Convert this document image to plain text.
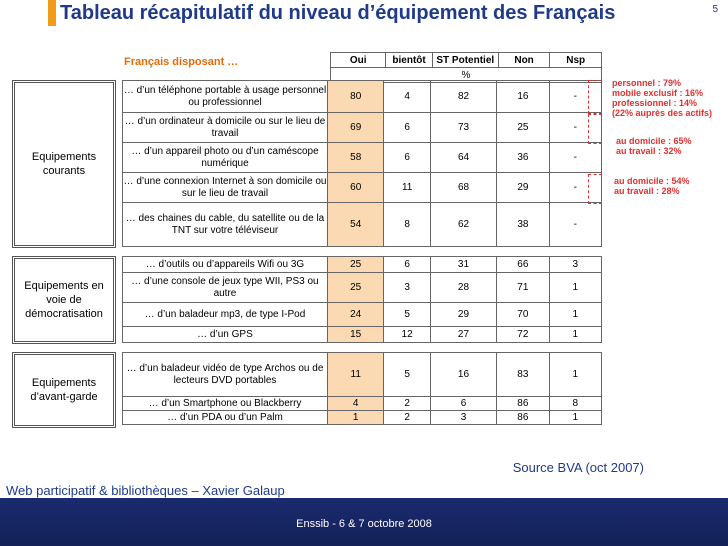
Tableau récapitulatif du niveau d’équipement des Français	5
Français disposant …	Oui	bientôt	ST Potentiel	Non	Nsp
%
Equipements courants
Equipements en voie de démocratisation
Equipements d’avant-garde
… d’un téléphone portable à usage personnel ou professionnel	80	4	82	16	-
… d’un ordinateur à domicile ou sur le lieu de travail	69	6	73	25	-
… d’un appareil photo ou d’un caméscope numérique	58	6	64	36	-
… d’une connexion Internet à son domicile ou sur le lieu de travail	60	11	68	29	-
… des chaines du cable, du satellite ou de la TNT sur votre téléviseur	54	8	62	38	-
… d’outils ou d’appareils Wifi ou 3G	25	6	31	66	3
… d’une console de jeux type WII, PS3 ou autre	25	3	28	71	1
… d’un baladeur mp3, de type I-Pod	24	5	29	70	1
… d’un GPS	15	12	27	72	1
… d’un baladeur vidéo de type Archos ou de lecteurs DVD portables	11	5	16	83	1
… d’un Smartphone ou Blackberry	4	2	6	86	8
… d’un PDA ou d’un Palm	1	2	3	86	1
personnel : 79%
mobile exclusif : 16%
professionnel : 14%
(22% auprès des actifs)
au domicile : 65%
au travail : 32%
au domicile : 54%
au travail : 28%
Source BVA (oct 2007)
Web participatif & bibliothèques – Xavier Galaup
Enssib - 6 & 7 octobre 2008
